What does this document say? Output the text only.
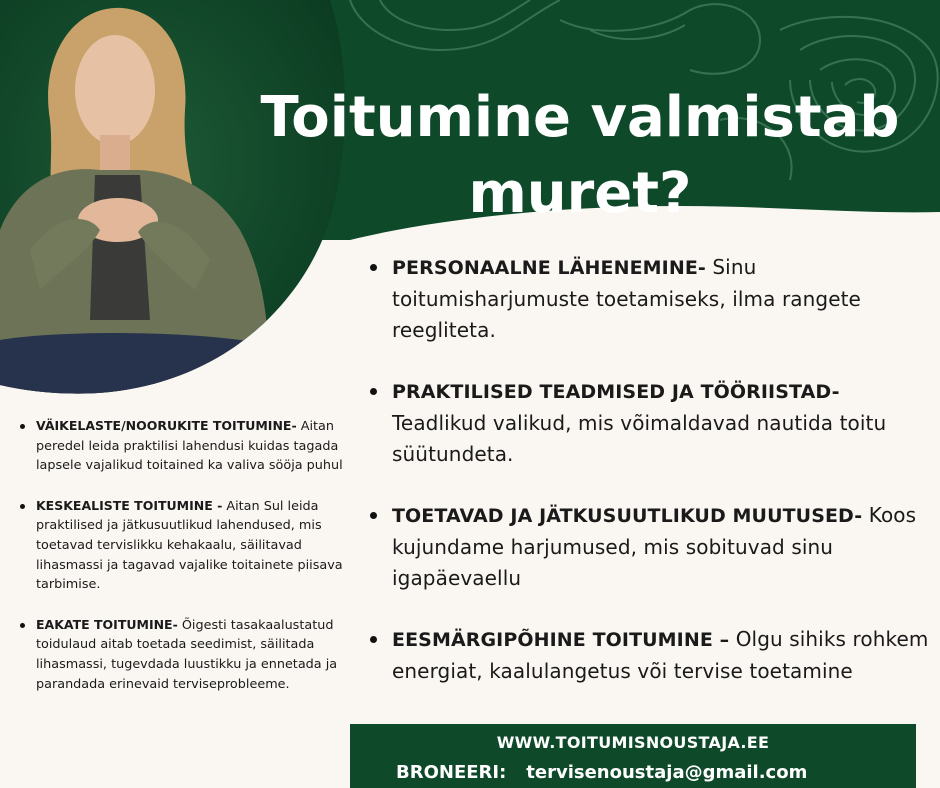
Toitumine valmistab
muret?
PERSONAALNE LÄHENEMINE- Sinu toitumisharjumuste toetamiseks, ilma rangete reegliteta.
PRAKTILISED TEADMISED JA TÖÖRIISTAD- Teadlikud valikud, mis võimaldavad nautida toitu süütundeta.
TOETAVAD JA JÄTKUSUUTLIKUD MUUTUSED- Koos kujundame harjumused, mis sobituvad sinu igapäevaellu
EESMÄRGIPÕHINE TOITUMINE – Olgu sihiks rohkem energiat, kaalulangetus või tervise toetamine
VÄIKELASTE/NOORUKITE TOITUMINE- Aitan peredel leida praktilisi lahendusi kuidas tagada lapsele vajalikud toitained ka valiva sööja puhul
KESKEALISTE TOITUMINE - Aitan Sul leida praktilised ja jätkusuutlikud lahendused, mis toetavad tervislikku kehakaalu, säilitavad lihasmassi ja tagavad vajalike toitainete piisava tarbimise.
EAKATE TOITUMINE- Õigesti tasakaalustatud toidulaud aitab toetada seedimist, säilitada lihasmassi, tugevdada luustikku ja ennetada ja parandada erinevaid terviseprobleeme.
WWW.TOITUMISNOUSTAJA.EE
BRONEERI: tervisenoustaja@gmail.com
